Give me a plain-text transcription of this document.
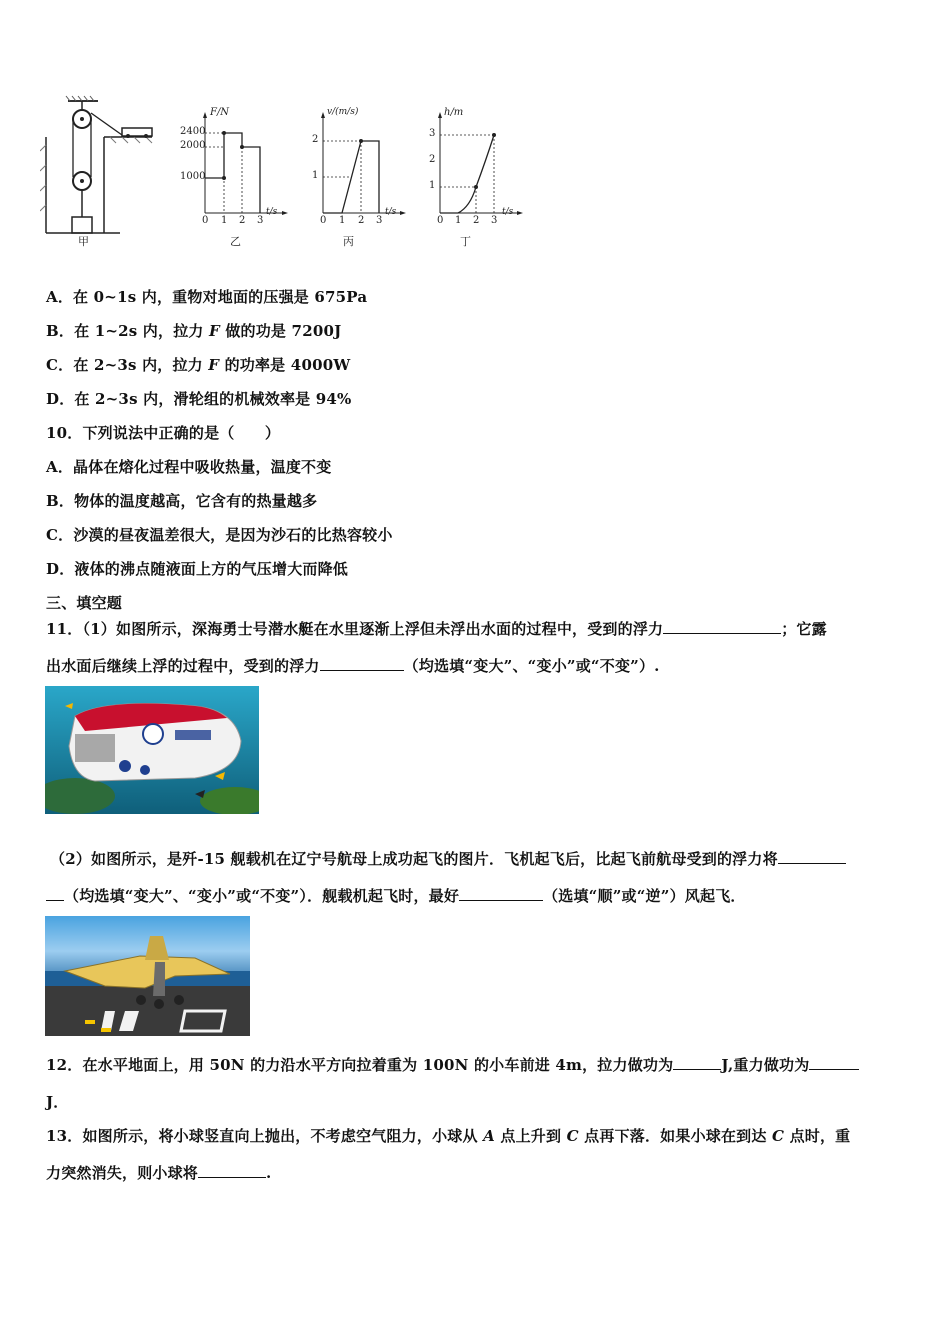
甲
F/N
2400
2000
1000
0 1 2 3
t/s
乙
v/(m/s)
2
1
0 1 2 3
t/s
丙
h/m
3
2
1
0 1 2 3
t/s
丁
A．在 0~1s 内，重物对地面的压强是 675Pa
B．在 1~2s 内，拉力 F 做的功是 7200J
C．在 2~3s 内，拉力 F 的功率是 4000W
D．在 2~3s 内，滑轮组的机械效率是 94%
10．下列说法中正确的是（　　）
A．晶体在熔化过程中吸收热量，温度不变
B．物体的温度越高，它含有的热量越多
C．沙漠的昼夜温差很大，是因为沙石的比热容较小
D．液体的沸点随液面上方的气压增大而降低
三、填空题
11．（1）如图所示，深海勇士号潜水艇在水里逐渐上浮但未浮出水面的过程中，受到的浮力	；它露
出水面后继续上浮的过程中，受到的浮力	（均选填“变大”、“变小”或“不变”）.
（2）如图所示，是歼-15 舰载机在辽宁号航母上成功起飞的图片．飞机起飞后，比起飞前航母受到的浮力将
（均选填“变大”、“变小”或“不变”）．舰载机起飞时，最好	（选填“顺”或“逆”）风起飞．
12．在水平地面上，用 50N 的力沿水平方向拉着重为 100N 的小车前进 4m，拉力做功为	J,重力做功为
J．
13．如图所示，将小球竖直向上抛出，不考虑空气阻力，小球从 A 点上升到 C 点再下落．如果小球在到达 C 点时，重
力突然消失，则小球将	.
